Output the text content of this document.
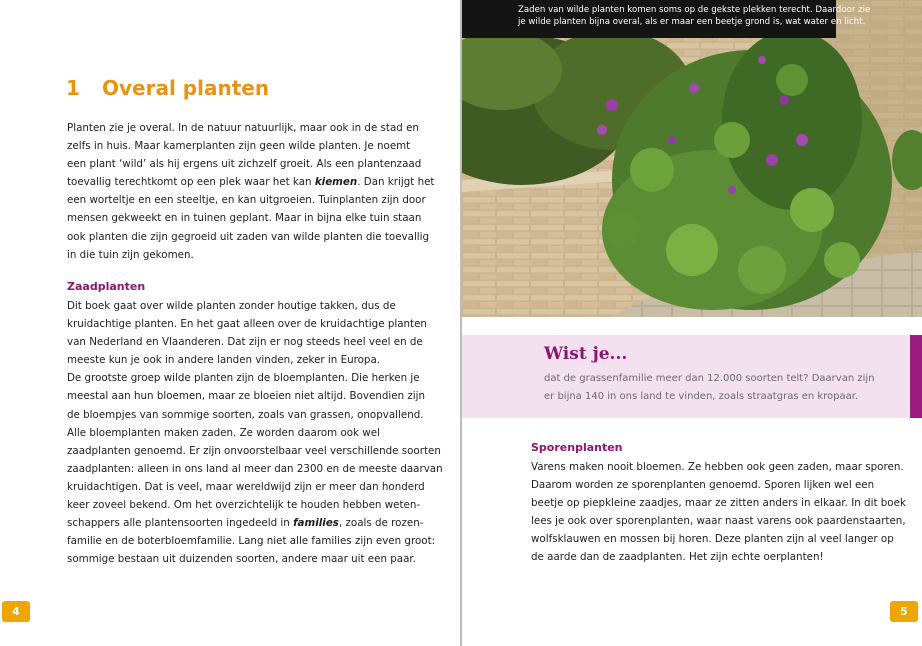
1 Overal planten
Planten zie je overal. In de natuur natuurlijk, maar ook in de stad en
zelfs in huis. Maar kamerplanten zijn geen wilde planten. Je noemt
een plant ‘wild’ als hij ergens uit zichzelf groeit. Als een plantenzaad
toevallig terechtkomt op een plek waar het kan kiemen. Dan krijgt het
een worteltje en een steeltje, en kan uitgroeien. Tuinplanten zijn door
mensen gekweekt en in tuinen geplant. Maar in bijna elke tuin staan
ook planten die zijn gegroeid uit zaden van wilde planten die toevallig
in die tuin zijn gekomen.
Zaadplanten
Dit boek gaat over wilde planten zonder houtige takken, dus de
kruidachtige planten. En het gaat alleen over de kruidachtige planten
van Nederland en Vlaanderen. Dat zijn er nog steeds heel veel en de
meeste kun je ook in andere landen vinden, zeker in Europa.
De grootste groep wilde planten zijn de bloemplanten. Die herken je
meestal aan hun bloemen, maar ze bloeien niet altijd. Bovendien zijn
de bloempjes van sommige soorten, zoals van grassen, onopvallend.
Alle bloemplanten maken zaden. Ze worden daarom ook wel
zaadplanten genoemd. Er zijn onvoorstelbaar veel verschillende soorten
zaadplanten: alleen in ons land al meer dan 2300 en de meeste daarvan
kruidachtigen. Dat is veel, maar wereldwijd zijn er meer dan honderd
keer zoveel bekend. Om het overzichtelijk te houden hebben weten-
schappers alle plantensoorten ingedeeld in families, zoals de rozen-
familie en de boterbloemfamilie. Lang niet alle families zijn even groot:
sommige bestaan uit duizenden soorten, andere maar uit een paar.
4
Zaden van wilde planten komen soms op de gekste plekken terecht. Daardoor zie
je wilde planten bijna overal, als er maar een beetje grond is, wat water en licht.
Wist je...
dat de grassenfamilie meer dan 12.000 soorten telt? Daarvan zijn
er bijna 140 in ons land te vinden, zoals straatgras en kropaar.
Sporenplanten
Varens maken nooit bloemen. Ze hebben ook geen zaden, maar sporen.
Daarom worden ze sporenplanten genoemd. Sporen lijken wel een
beetje op piepkleine zaadjes, maar ze zitten anders in elkaar. In dit boek
lees je ook over sporenplanten, waar naast varens ook paardenstaarten,
wolfsklauwen en mossen bij horen. Deze planten zijn al veel langer op
de aarde dan de zaadplanten. Het zijn echte oerplanten!
5
